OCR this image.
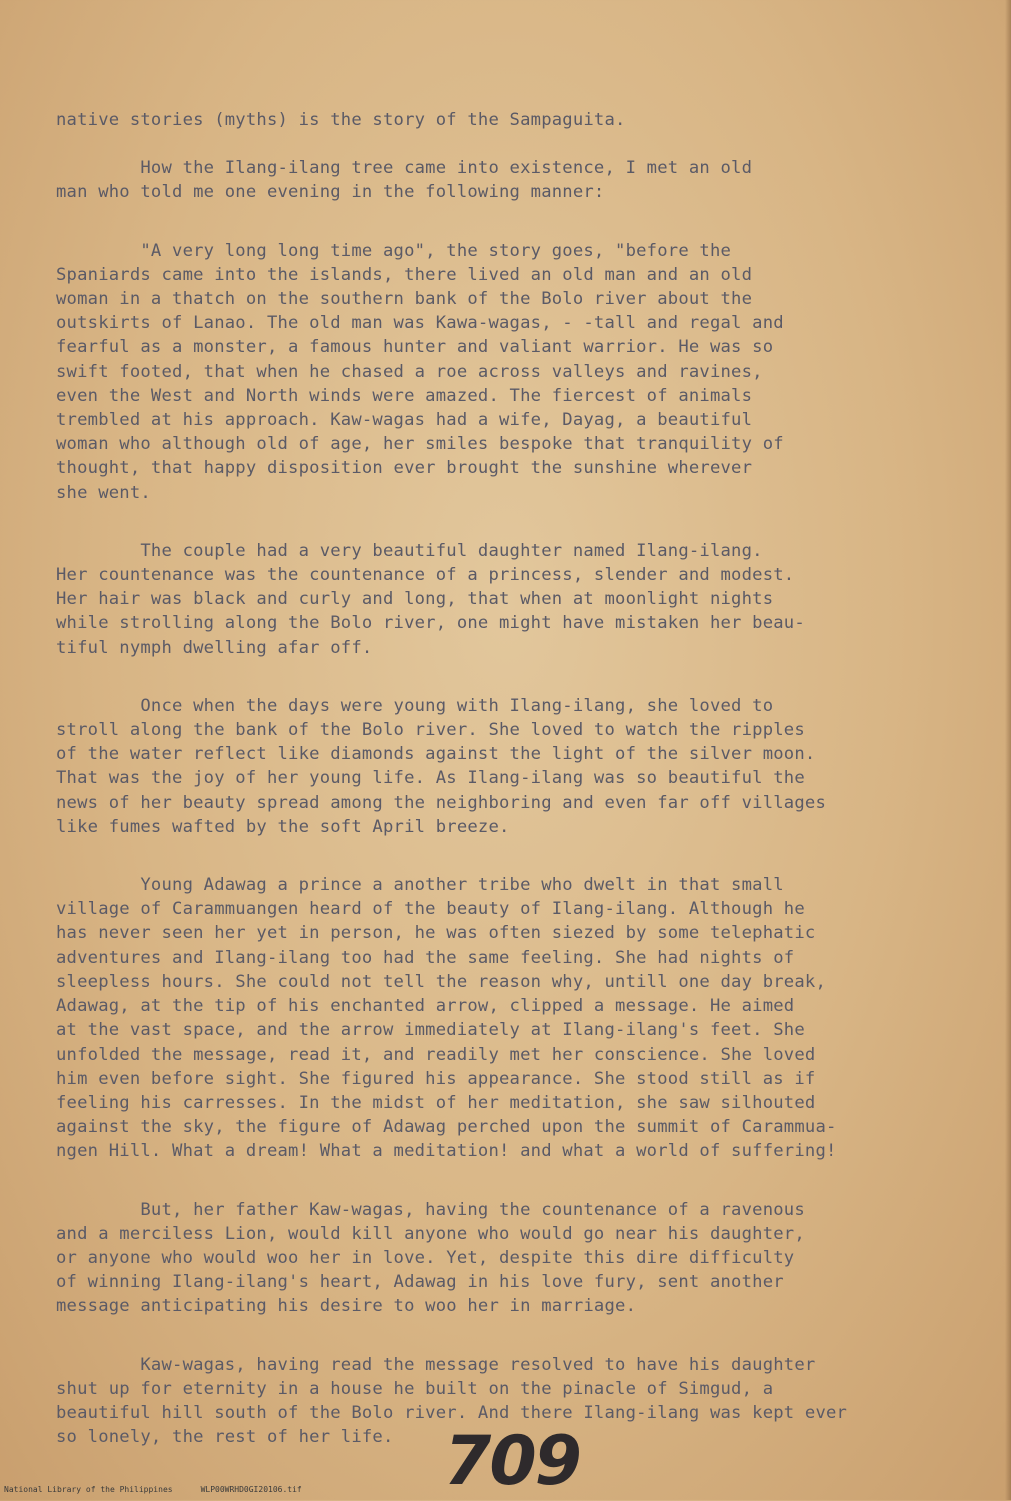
native stories (myths) is the story of the Sampaguita.
How the Ilang-ilang tree came into existence, I met an old
man who told me one evening in the following manner:
"A very long long time ago", the story goes, "before the
Spaniards came into the islands, there lived an old man and an old
woman in a thatch on the southern bank of the Bolo river about the
outskirts of Lanao. The old man was Kawa-wagas, - -tall and regal and
fearful as a monster, a famous hunter and valiant warrior. He was so
swift footed, that when he chased a roe across valleys and ravines,
even the West and North winds were amazed. The fiercest of animals
trembled at his approach. Kaw-wagas had a wife, Dayag, a beautiful
woman who although old of age, her smiles bespoke that tranquility of
thought, that happy disposition ever brought the sunshine wherever
she went.
The couple had a very beautiful daughter named Ilang-ilang.
Her countenance was the countenance of a princess, slender and modest.
Her hair was black and curly and long, that when at moonlight nights
while strolling along the Bolo river, one might have mistaken her beau-
tiful nymph dwelling afar off.
Once when the days were young with Ilang-ilang, she loved to
stroll along the bank of the Bolo river. She loved to watch the ripples
of the water reflect like diamonds against the light of the silver moon.
That was the joy of her young life. As Ilang-ilang was so beautiful the
news of her beauty spread among the neighboring and even far off villages
like fumes wafted by the soft April breeze.
Young Adawag a prince a another tribe who dwelt in that small
village of Carammuangen heard of the beauty of Ilang-ilang. Although he
has never seen her yet in person, he was often siezed by some telephatic
adventures and Ilang-ilang too had the same feeling. She had nights of
sleepless hours. She could not tell the reason why, untill one day break,
Adawag, at the tip of his enchanted arrow, clipped a message. He aimed
at the vast space, and the arrow immediately at Ilang-ilang's feet. She
unfolded the message, read it, and readily met her conscience. She loved
him even before sight. She figured his appearance. She stood still as if
feeling his carresses. In the midst of her meditation, she saw silhouted
against the sky, the figure of Adawag perched upon the summit of Carammua-
ngen Hill. What a dream! What a meditation! and what a world of suffering!
But, her father Kaw-wagas, having the countenance of a ravenous
and a merciless Lion, would kill anyone who would go near his daughter,
or anyone who would woo her in love. Yet, despite this dire difficulty
of winning Ilang-ilang's heart, Adawag in his love fury, sent another
message anticipating his desire to woo her in marriage.
Kaw-wagas, having read the message resolved to have his daughter
shut up for eternity in a house he built on the pinacle of Simgud, a
beautiful hill south of the Bolo river. And there Ilang-ilang was kept ever
so lonely, the rest of her life. 709
National Library of the Philippines	WLP00WRHD0GI20106.tif
